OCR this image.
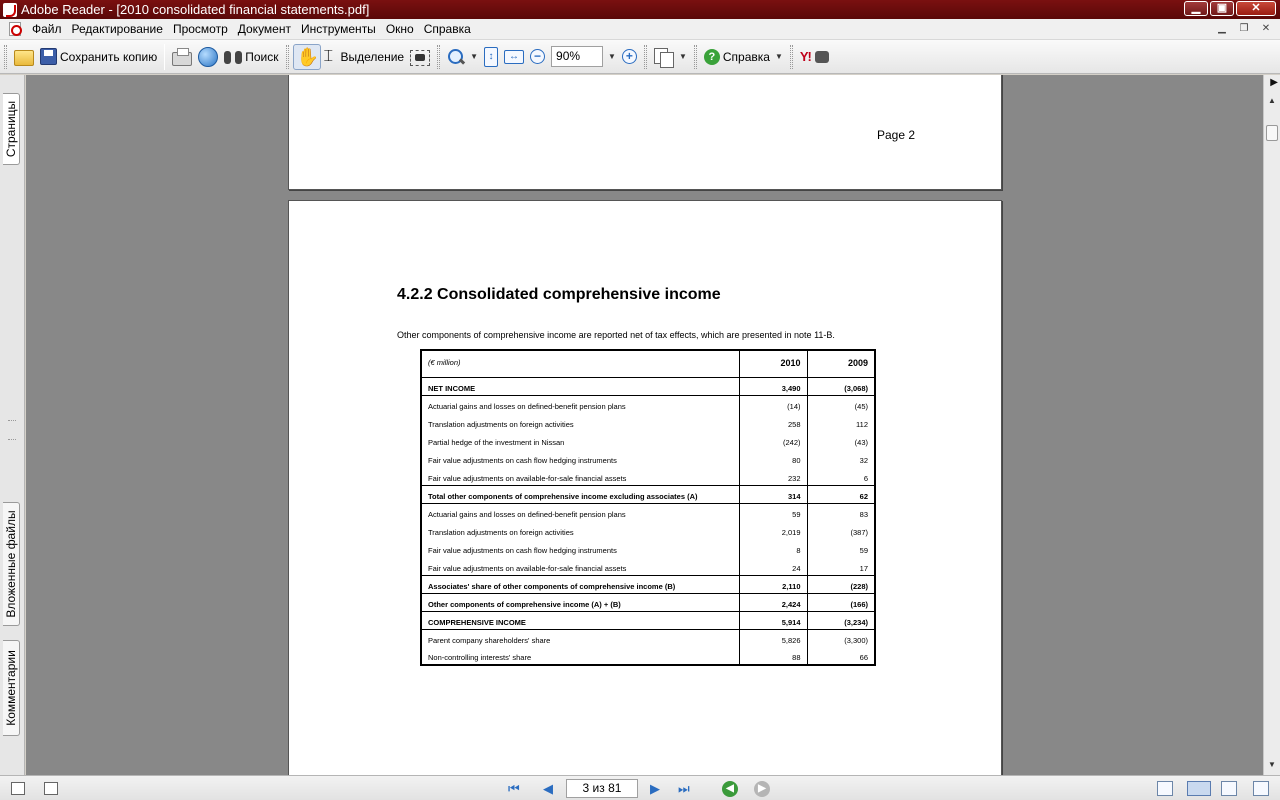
Adobe Reader - [2010 consolidated financial statements.pdf]	▁	▣	✕
Файл Редактирование Просмотр Документ Инструменты Окно Справка	▁	❐	✕
Сохранить копию	Поиск ✋ ⌶ Выделение	▼	↕	↔	−	90%	▼ +	▼	? Справка ▼ Y!
Страницы
Вложенные файлы
Комментарии
Page 2
4.2.2 Consolidated comprehensive income
Other components of comprehensive income are reported net of tax effects, which are presented in note 11-B.
(€ million)	2010	2009
NET INCOME	3,490	(3,068)
Actuarial gains and losses on defined-benefit pension plans	(14)	(45)
Translation adjustments on foreign activities	258	112
Partial hedge of the investment in Nissan	(242)	(43)
Fair value adjustments on cash flow hedging instruments	80	32
Fair value adjustments on available-for-sale financial assets	232	6
Total other components of comprehensive income excluding associates (A)	314	62
Actuarial gains and losses on defined-benefit pension plans	59	83
Translation adjustments on foreign activities	2,019	(387)
Fair value adjustments on cash flow hedging instruments	8	59
Fair value adjustments on available-for-sale financial assets	24	17
Associates' share of other components of comprehensive income (B)	2,110	(228)
Other components of comprehensive income (A) + (B)	2,424	(166)
COMPREHENSIVE INCOME	5,914	(3,234)
Parent company shareholders' share	5,826	(3,300)
Non-controlling interests' share	88	66
▶
▲
▼
⏮ ◀	3 из 81	▶ ⏭	◀	▶
